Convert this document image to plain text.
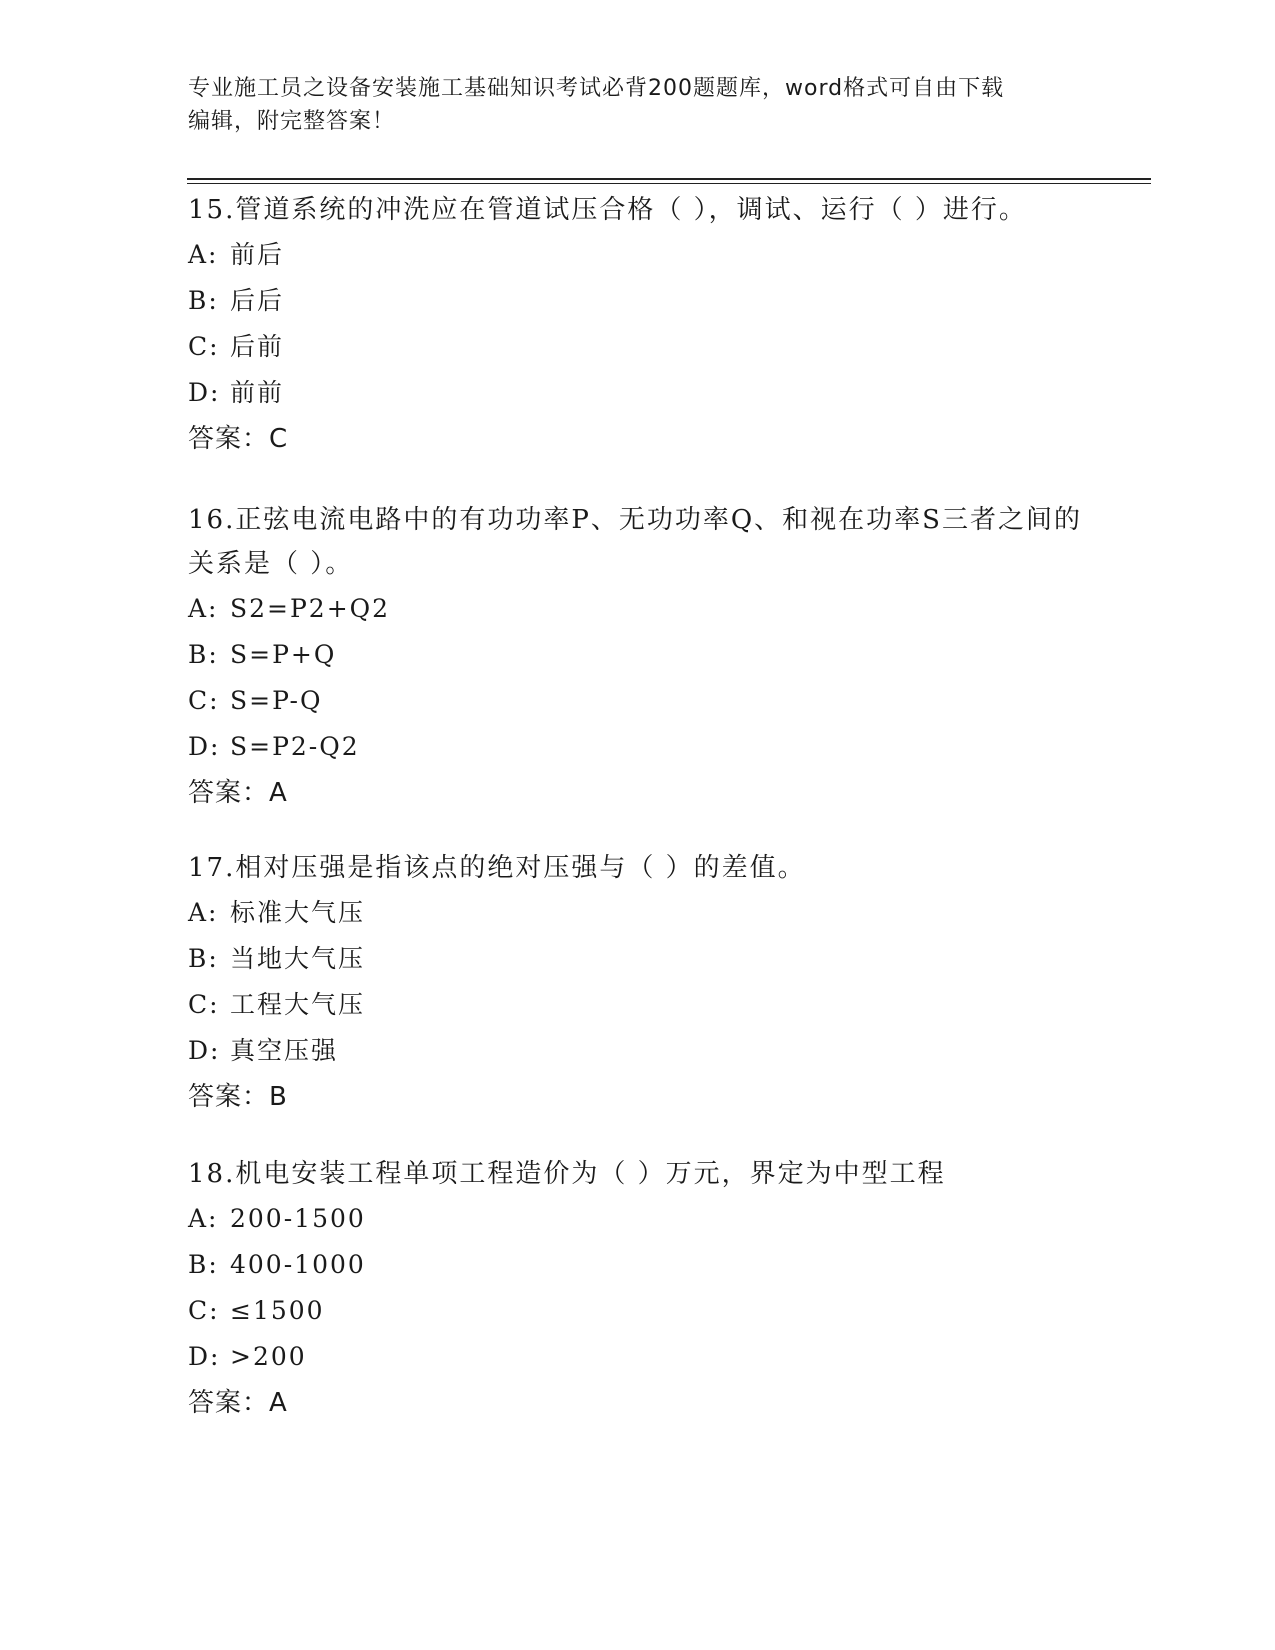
专业施工员之设备安装施工基础知识考试必背200题题库，word格式可自由下载
编辑，附完整答案！

15.管道系统的冲洗应在管道试压合格（ ），调试、运行（ ）进行。

A: 前后
B: 后后
C: 后前
D: 前前
答案：C

16.正弦电流电路中的有功功率P、无功功率Q、和视在功率S三者之间的关系是（ ）。

A: S2=P2+Q2
B: S=P+Q
C: S=P-Q
D: S=P2-Q2
答案：A

17.相对压强是指该点的绝对压强与（ ）的差值。

A: 标准大气压
B: 当地大气压
C: 工程大气压
D: 真空压强
答案：B

18.机电安装工程单项工程造价为（ ）万元，界定为中型工程

A: 200-1500
B: 400-1000
C: ≤1500
D: >200
答案：A
